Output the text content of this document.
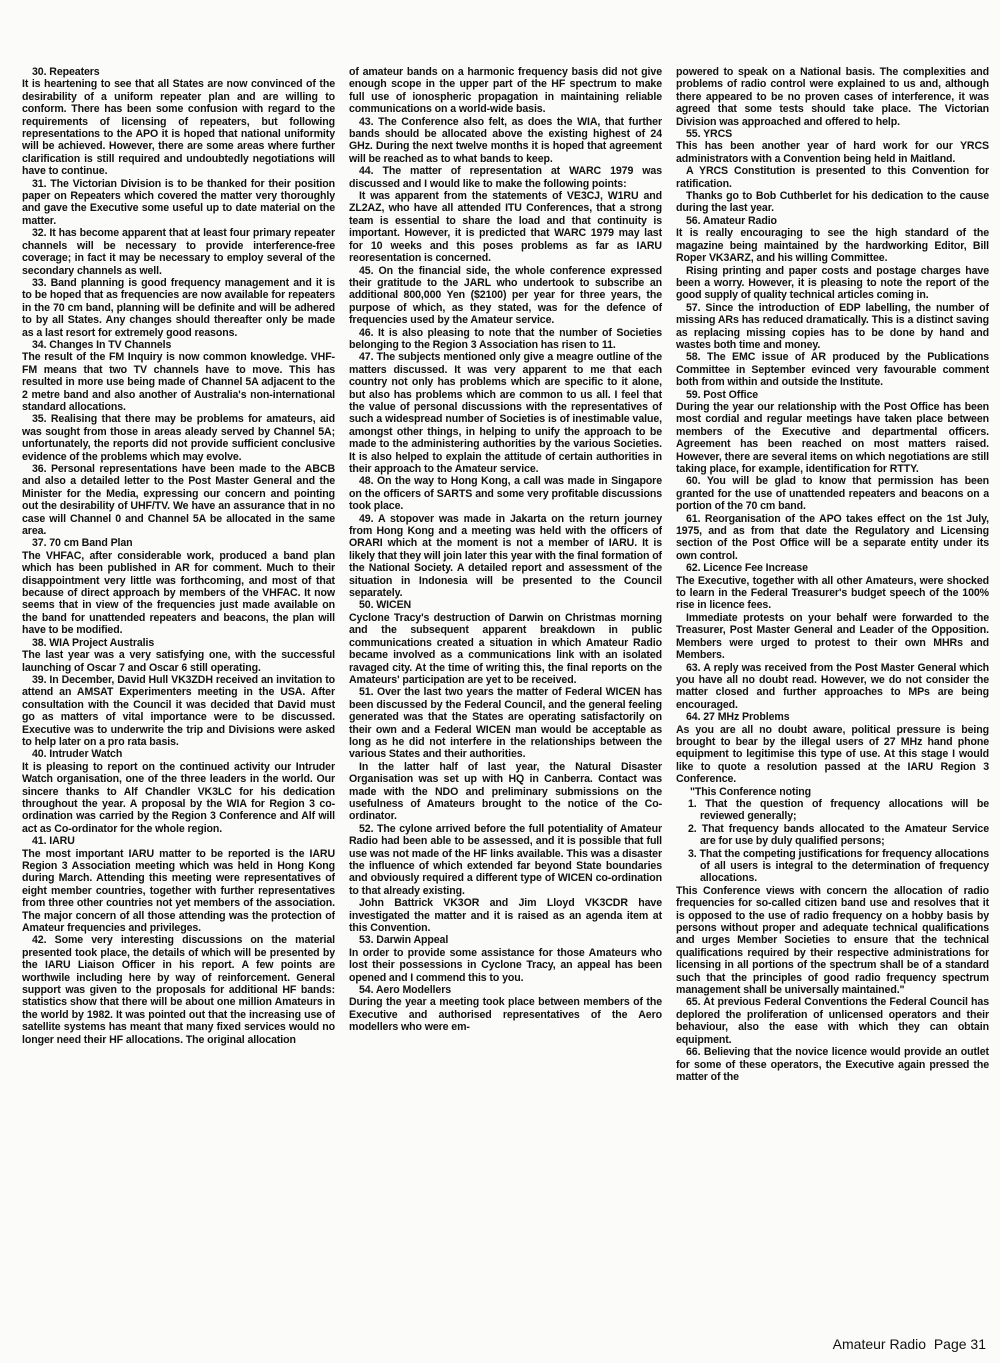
30. Repeaters

It is heartening to see that all States are now convinced of the desirability of a uniform repeater plan and are willing to conform. There has been some confusion with regard to the requirements of licensing of repeaters, but following representations to the APO it is hoped that national uniformity will be achieved. However, there are some areas where further clarification is still required and undoubtedly negotiations will have to continue.

31. The Victorian Division is to be thanked for their position paper on Repeaters which covered the matter very thoroughly and gave the Executive some useful up to date material on the matter.

32. It has become apparent that at least four primary repeater channels will be necessary to provide interference-free coverage; in fact it may be necessary to employ several of the secondary channels as well.

33. Band planning is good frequency management and it is to be hoped that as frequencies are now available for repeaters in the 70 cm band, planning will be definite and will be adhered to by all States. Any changes should thereafter only be made as a last resort for extremely good reasons.

34. Changes In TV Channels

The result of the FM Inquiry is now common knowledge. VHF-FM means that two TV channels have to move. This has resulted in more use being made of Channel 5A adjacent to the 2 metre band and also another of Australia's non-international standard allocations.

35. Realising that there may be problems for amateurs, aid was sought from those in areas aleady served by Channel 5A; unfortunately, the reports did not provide sufficient conclusive evidence of the problems which may evolve.

36. Personal representations have been made to the ABCB and also a detailed letter to the Post Master General and the Minister for the Media, expressing our concern and pointing out the desirability of UHF/TV. We have an assurance that in no case will Channel 0 and Channel 5A be allocated in the same area.

37. 70 cm Band Plan

The VHFAC, after considerable work, produced a band plan which has been published in AR for comment. Much to their disappointment very little was forthcoming, and most of that because of direct approach by members of the VHFAC. It now seems that in view of the frequencies just made available on the band for unattended repeaters and beacons, the plan will have to be modified.

38. WIA Project Australis

The last year was a very satisfying one, with the successful launching of Oscar 7 and Oscar 6 still operating.

39. In December, David Hull VK3ZDH received an invitation to attend an AMSAT Experimenters meeting in the USA. After consultation with the Council it was decided that David must go as matters of vital importance were to be discussed. Executive was to underwrite the trip and Divisions were asked to help later on a pro rata basis.

40. Intruder Watch

It is pleasing to report on the continued activity our Intruder Watch organisation, one of the three leaders in the world. Our sincere thanks to Alf Chandler VK3LC for his dedication throughout the year. A proposal by the WIA for Region 3 co-ordination was carried by the Region 3 Conference and Alf will act as Co-ordinator for the whole region.

41. IARU

The most important IARU matter to be reported is the IARU Region 3 Association meeting which was held in Hong Kong during March. Attending this meeting were representatives of eight member countries, together with further representatives from three other countries not yet members of the association. The major concern of all those attending was the protection of Amateur frequencies and privileges.

42. Some very interesting discussions on the material presented took place, the details of which will be presented by the IARU Liaison Officer in his report. A few points are worthwile including here by way of reinforcement. General support was given to the proposals for additional HF bands: statistics show that there will be about one million Amateurs in the world by 1982. It was pointed out that the increasing use of satellite systems has meant that many fixed services would no longer need their HF allocations. The original allocation

of amateur bands on a harmonic frequency basis did not give enough scope in the upper part of the HF spectrum to make full use of ionospheric propagation in maintaining reliable communications on a world-wide basis.

43. The Conference also felt, as does the WIA, that further bands should be allocated above the existing highest of 24 GHz. During the next twelve months it is hoped that agreement will be reached as to what bands to keep.

44. The matter of representation at WARC 1979 was discussed and I would like to make the following points:

It was apparent from the statements of VE3CJ, W1RU and ZL2AZ, who have all attended ITU Conferences, that a strong team is essential to share the load and that continuity is important. However, it is predicted that WARC 1979 may last for 10 weeks and this poses problems as far as IARU reoresentation is concerned.

45. On the financial side, the whole conference expressed their gratitude to the JARL who undertook to subscribe an additional 800,000 Yen ($2100) per year for three years, the purpose of which, as they stated, was for the defence of frequencies used by the Amateur service.

46. It is also pleasing to note that the number of Societies belonging to the Region 3 Association has risen to 11.

47. The subjects mentioned only give a meagre outline of the matters discussed. It was very apparent to me that each country not only has problems which are specific to it alone, but also has problems which are common to us all. I feel that the value of personal discussions with the representatives of such a widespread number of Societies is of inestimable value, amongst other things, in helping to unify the approach to be made to the administering authorities by the various Societies. It is also helped to explain the attitude of certain authorities in their approach to the Amateur service.

48. On the way to Hong Kong, a call was made in Singapore on the officers of SARTS and some very profitable discussions took place.

49. A stopover was made in Jakarta on the return journey from Hong Kong and a meeting was held with the officers of ORARI which at the moment is not a member of IARU. It is likely that they will join later this year with the final formation of the National Society. A detailed report and assessment of the situation in Indonesia will be presented to the Council separately.

50. WICEN

Cyclone Tracy's destruction of Darwin on Christmas morning and the subsequent apparent breakdown in public communications created a situation in which Amateur Radio became involved as a communications link with an isolated ravaged city. At the time of writing this, the final reports on the Amateurs' participation are yet to be received.

51. Over the last two years the matter of Federal WICEN has been discussed by the Federal Council, and the general feeling generated was that the States are operating satisfactorily on their own and a Federal WICEN man would be acceptable as long as he did not interfere in the relationships between the various States and their authorities.

In the latter half of last year, the Natural Disaster Organisation was set up with HQ in Canberra. Contact was made with the NDO and preliminary submissions on the usefulness of Amateurs brought to the notice of the Co-ordinator.

52. The cylone arrived before the full potentiality of Amateur Radio had been able to be assessed, and it is possible that full use was not made of the HF links available. This was a disaster the influence of which extended far beyond State boundaries and obviously required a different type of WICEN co-ordination to that already existing.

John Battrick VK3OR and Jim Lloyd VK3CDR have investigated the matter and it is raised as an agenda item at this Convention.

53. Darwin Appeal

In order to provide some assistance for those Amateurs who lost their possessions in Cyclone Tracy, an appeal has been opened and I commend this to you.

54. Aero Modellers

During the year a meeting took place between members of the Executive and authorised representatives of the Aero modellers who were em-

powered to speak on a National basis. The complexities and problems of radio control were explained to us and, although there appeared to be no proven cases of interference, it was agreed that some tests should take place. The Victorian Division was approached and offered to help.

55. YRCS

This has been another year of hard work for our YRCS administrators with a Convention being held in Maitland.

A YRCS Constitution is presented to this Convention for ratification.

Thanks go to Bob Cuthberlet for his dedication to the cause during the last year.

56. Amateur Radio

It is really encouraging to see the high standard of the magazine being maintained by the hardworking Editor, Bill Roper VK3ARZ, and his willing Committee.

Rising printing and paper costs and postage charges have been a worry. However, it is pleasing to note the report of the good supply of quality technical articles coming in.

57. Since the introduction of EDP labelling, the number of missing ARs has reduced dramatically. This is a distinct saving as replacing missing copies has to be done by hand and wastes both time and money.

58. The EMC issue of AR produced by the Publications Committee in September evinced very favourable comment both from within and outside the Institute.

59. Post Office

During the year our relationship with the Post Office has been most cordial and regular meetings have taken place between members of the Executive and departmental officers. Agreement has been reached on most matters raised. However, there are several items on which negotiations are still taking place, for example, identification for RTTY.

60. You will be glad to know that permission has been granted for the use of unattended repeaters and beacons on a portion of the 70 cm band.

61. Reorganisation of the APO takes effect on the 1st July, 1975, and as from that date the Regulatory and Licensing section of the Post Office will be a separate entity under its own control.

62. Licence Fee Increase

The Executive, together with all other Amateurs, were shocked to learn in the Federal Treasurer's budget speech of the 100% rise in licence fees.

Immediate protests on your behalf were forwarded to the Treasurer, Post Master General and Leader of the Opposition. Members were urged to protest to their own MHRs and Members.

63. A reply was received from the Post Master General which you have all no doubt read. However, we do not consider the matter closed and further approaches to MPs are being encouraged.

64. 27 MHz Problems

As you are all no doubt aware, political pressure is being brought to bear by the illegal users of 27 MHz hand phone equipment to legitimise this type of use. At this stage I would like to quote a resolution passed at the IARU Region 3 Conference.

"This Conference noting

1. That the question of frequency allocations will be reviewed generally;

2. That frequency bands allocated to the Amateur Service are for use by duly qualified persons;

3. That the competing justifications for frequency allocations of all users is integral to the determination of frequency allocations.

This Conference views with concern the allocation of radio frequencies for so-called citizen band use and resolves that it is opposed to the use of radio frequency on a hobby basis by persons without proper and adequate technical qualifications and urges Member Societies to ensure that the technical qualifications required by their respective administrations for licensing in all portions of the spectrum shall be of a standard such that the principles of good radio frequency spectrum management shall be universally maintained."

65. At previous Federal Conventions the Federal Council has deplored the proliferation of unlicensed operators and their behaviour, also the ease with which they can obtain equipment.

66. Believing that the novice licence would provide an outlet for some of these operators, the Executive again pressed the matter of the

Amateur Radio Page 31
